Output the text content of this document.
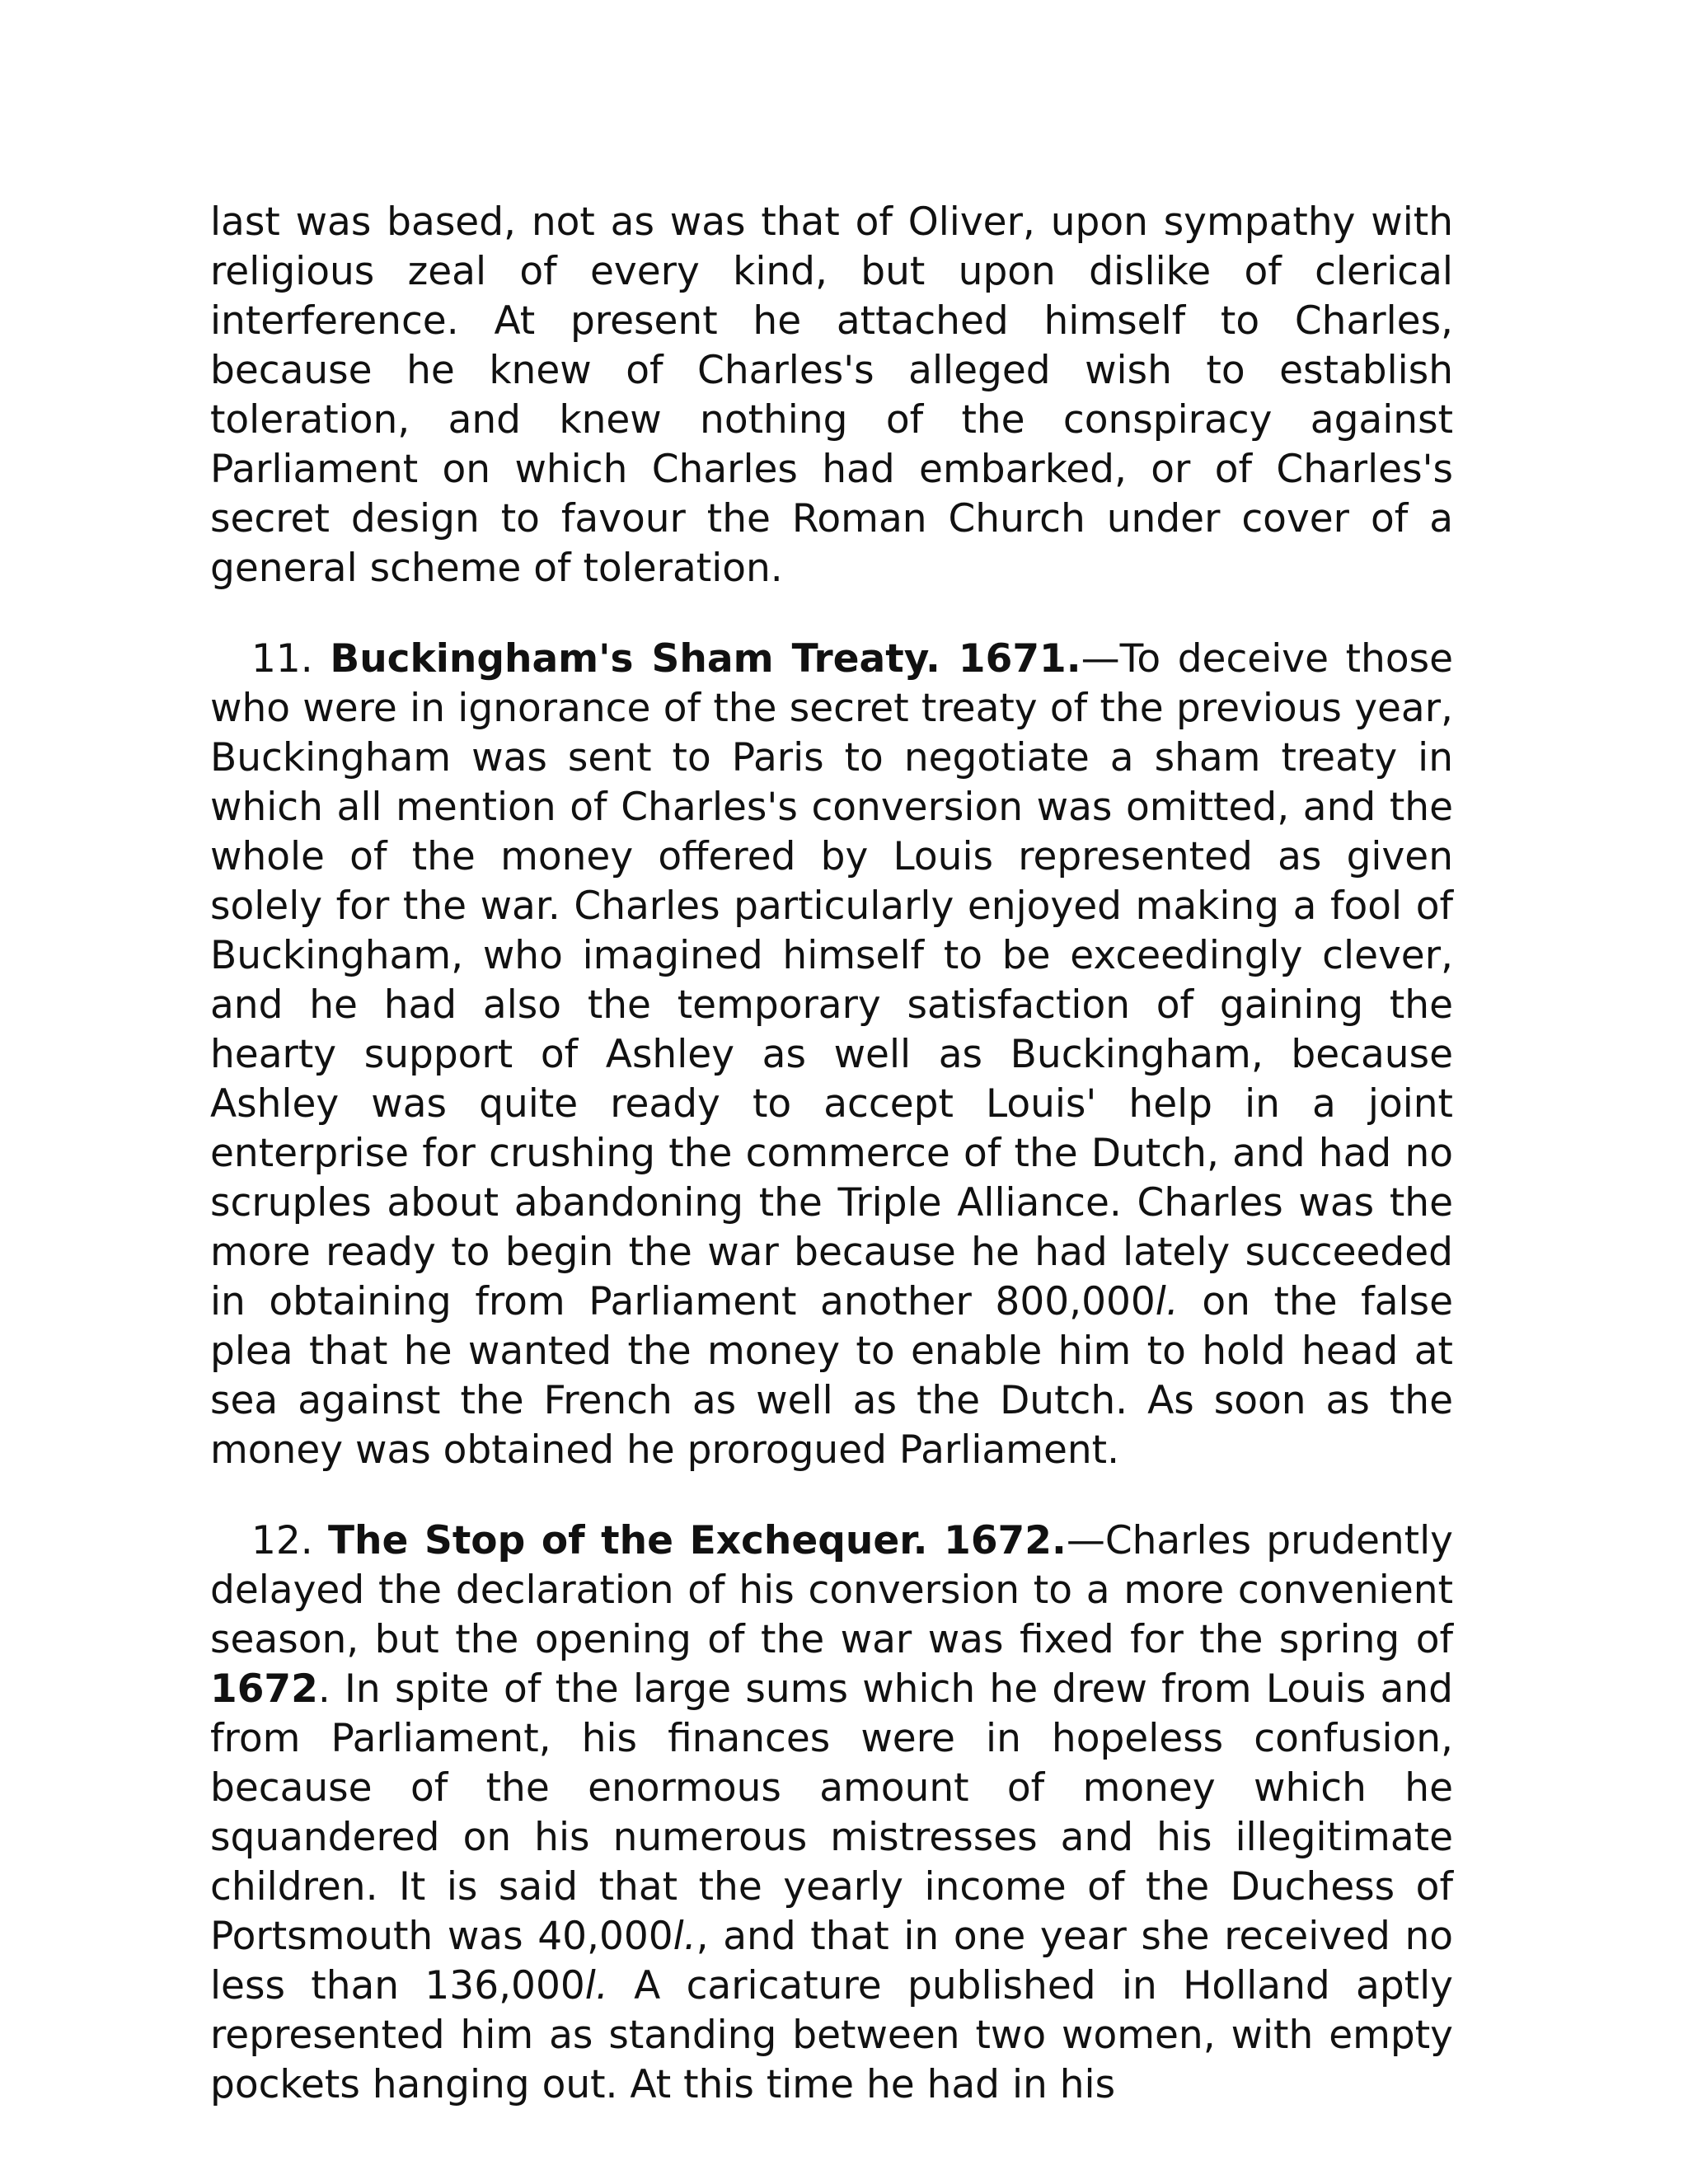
last was based, not as was that of Oliver, upon sympathy with religious zeal of every kind, but upon dislike of clerical interference. At present he attached himself to Charles, because he knew of Charles's alleged wish to establish toleration, and knew nothing of the conspiracy against Parliament on which Charles had embarked, or of Charles's secret design to favour the Roman Church under cover of a general scheme of toleration.

11. Buckingham's Sham Treaty. 1671.—To deceive those who were in ignorance of the secret treaty of the previous year, Buckingham was sent to Paris to negotiate a sham treaty in which all mention of Charles's conversion was omitted, and the whole of the money offered by Louis represented as given solely for the war. Charles particularly enjoyed making a fool of Buckingham, who imagined himself to be exceedingly clever, and he had also the temporary satisfaction of gaining the hearty support of Ashley as well as Buckingham, because Ashley was quite ready to accept Louis' help in a joint enterprise for crushing the commerce of the Dutch, and had no scruples about abandoning the Triple Alliance. Charles was the more ready to begin the war because he had lately succeeded in obtaining from Parliament another 800,000l. on the false plea that he wanted the money to enable him to hold head at sea against the French as well as the Dutch. As soon as the money was obtained he prorogued Parliament.

12. The Stop of the Exchequer. 1672.—Charles prudently delayed the declaration of his conversion to a more convenient season, but the opening of the war was fixed for the spring of 1672. In spite of the large sums which he drew from Louis and from Parliament, his finances were in hopeless confusion, because of the enormous amount of money which he squandered on his numerous mistresses and his illegitimate children. It is said that the yearly income of the Duchess of Portsmouth was 40,000l., and that in one year she received no less than 136,000l. A caricature published in Holland aptly represented him as standing between two women, with empty pockets hanging out. At this time he had in his
